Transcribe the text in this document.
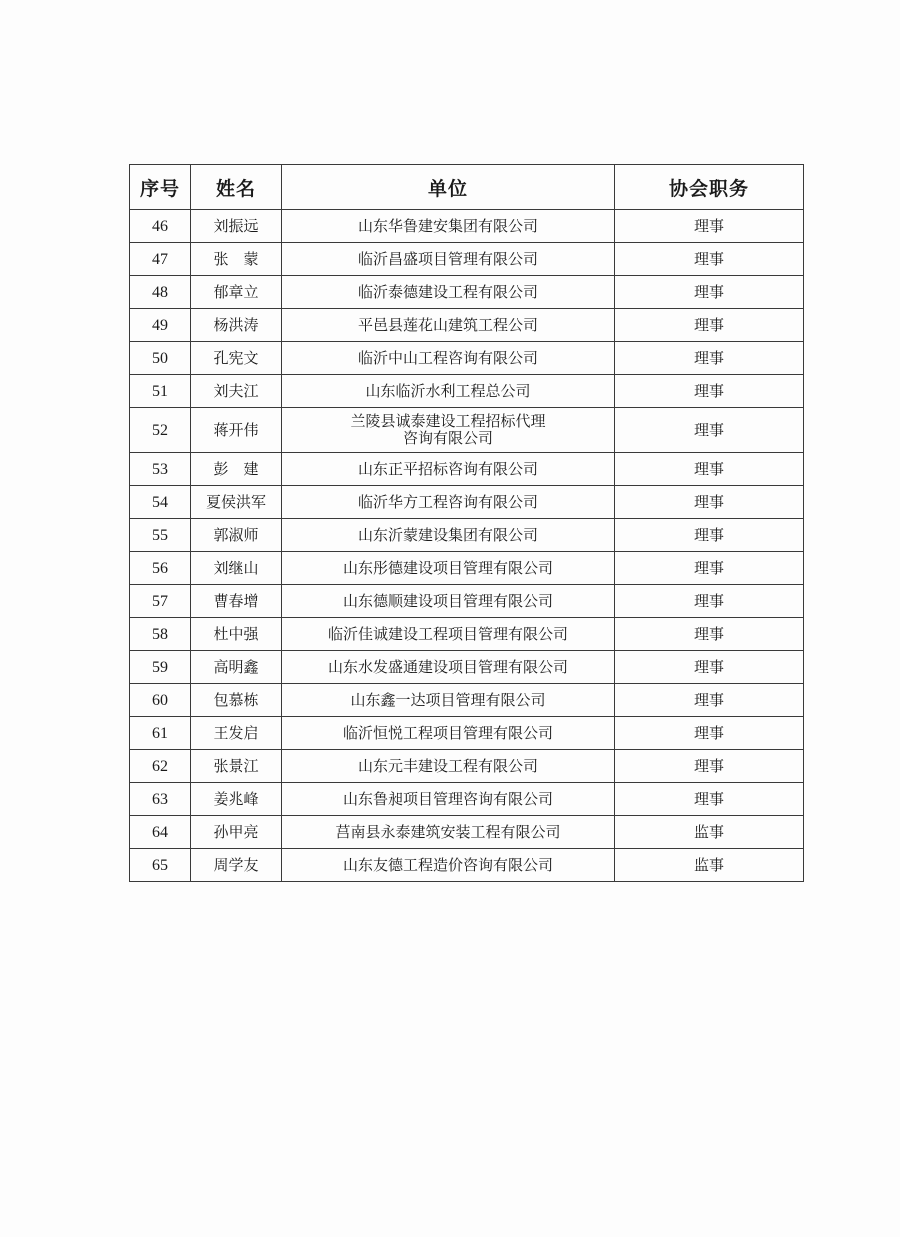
序号	姓名	单位	协会职务
46	刘振远	山东华鲁建安集团有限公司	理事
47	张　蒙	临沂昌盛项目管理有限公司	理事
48	郁章立	临沂泰德建设工程有限公司	理事
49	杨洪涛	平邑县莲花山建筑工程公司	理事
50	孔宪文	临沂中山工程咨询有限公司	理事
51	刘夫江	山东临沂水利工程总公司	理事
52	蒋开伟	兰陵县诚泰建设工程招标代理
咨询有限公司	理事
53	彭　建	山东正平招标咨询有限公司	理事
54	夏侯洪军	临沂华方工程咨询有限公司	理事
55	郭淑师	山东沂蒙建设集团有限公司	理事
56	刘继山	山东彤德建设项目管理有限公司	理事
57	曹春增	山东德顺建设项目管理有限公司	理事
58	杜中强	临沂佳诚建设工程项目管理有限公司	理事
59	高明鑫	山东水发盛通建设项目管理有限公司	理事
60	包慕栋	山东鑫一达项目管理有限公司	理事
61	王发启	临沂恒悦工程项目管理有限公司	理事
62	张景江	山东元丰建设工程有限公司	理事
63	姜兆峰	山东鲁昶项目管理咨询有限公司	理事
64	孙甲亮	莒南县永泰建筑安装工程有限公司	监事
65	周学友	山东友德工程造价咨询有限公司	监事
